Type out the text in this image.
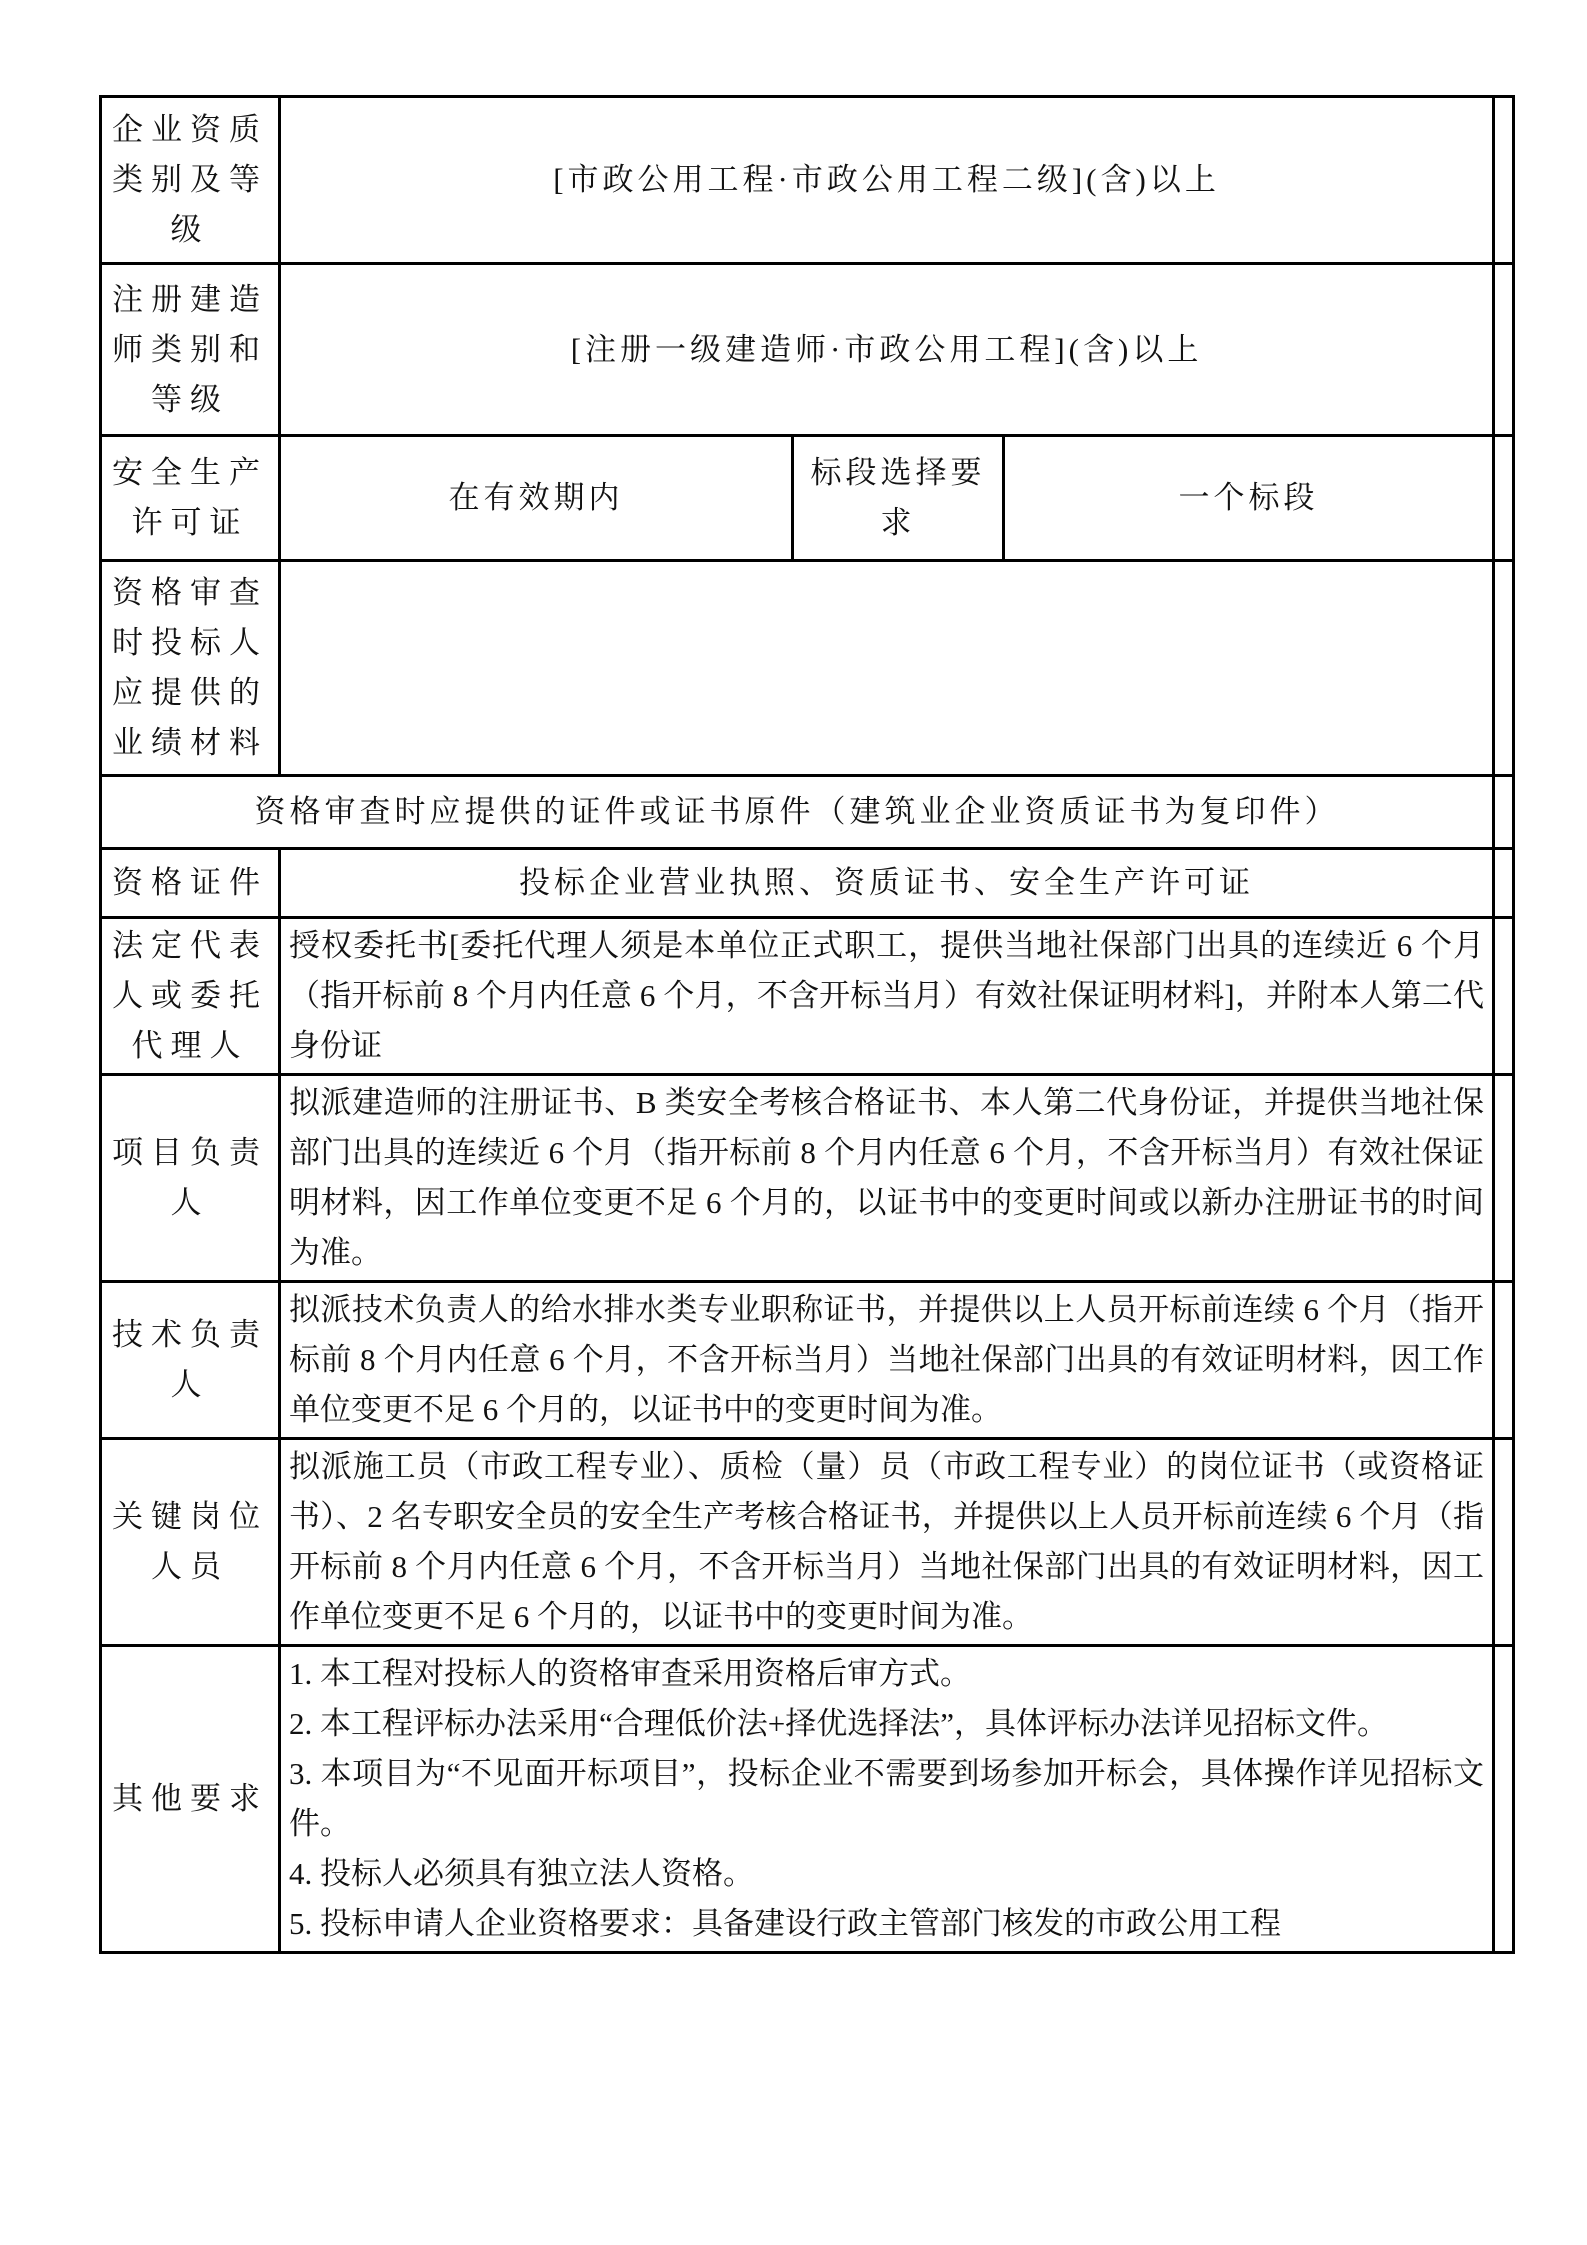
企业资质类别及等级	[市政公用工程·市政公用工程二级](含)以上			
注册建造师类别和等级	[注册一级建造师·市政公用工程](含)以上			
安全生产许可证	在有效期内	标段选择要求	一个标段	
资格审查时投标人应提供的业绩材料				
资格审查时应提供的证件或证书原件（建筑业企业资质证书为复印件）				
资格证件	投标企业营业执照、资质证书、安全生产许可证			
法定代表人或委托代理人	授权委托书[委托代理人须是本单位正式职工，提供当地社保部门出具的连续近 6 个月（指开标前 8 个月内任意 6 个月，不含开标当月）有效社保证明材料]，并附本人第二代身份证			
项目负责人	拟派建造师的注册证书、B 类安全考核合格证书、本人第二代身份证，并提供当地社保部门出具的连续近 6 个月（指开标前 8 个月内任意 6 个月，不含开标当月）有效社保证明材料，因工作单位变更不足 6 个月的，以证书中的变更时间或以新办注册证书的时间为准。			
技术负责人	拟派技术负责人的给水排水类专业职称证书，并提供以上人员开标前连续 6 个月（指开标前 8 个月内任意 6 个月，不含开标当月）当地社保部门出具的有效证明材料，因工作单位变更不足 6 个月的，以证书中的变更时间为准。			
关键岗位人员	拟派施工员（市政工程专业）、质检（量）员（市政工程专业）的岗位证书（或资格证书）、2 名专职安全员的安全生产考核合格证书，并提供以上人员开标前连续 6 个月（指开标前 8 个月内任意 6 个月，不含开标当月）当地社保部门出具的有效证明材料，因工作单位变更不足 6 个月的，以证书中的变更时间为准。			
其他要求	1. 本工程对投标人的资格审查采用资格后审方式。

2. 本工程评标办法采用“合理低价法+择优选择法”，具体评标办法详见招标文件。

3. 本项目为“不见面开标项目”，投标企业不需要到场参加开标会，具体操作详见招标文件。

4. 投标人必须具有独立法人资格。

5. 投标申请人企业资格要求：具备建设行政主管部门核发的市政公用工程			
